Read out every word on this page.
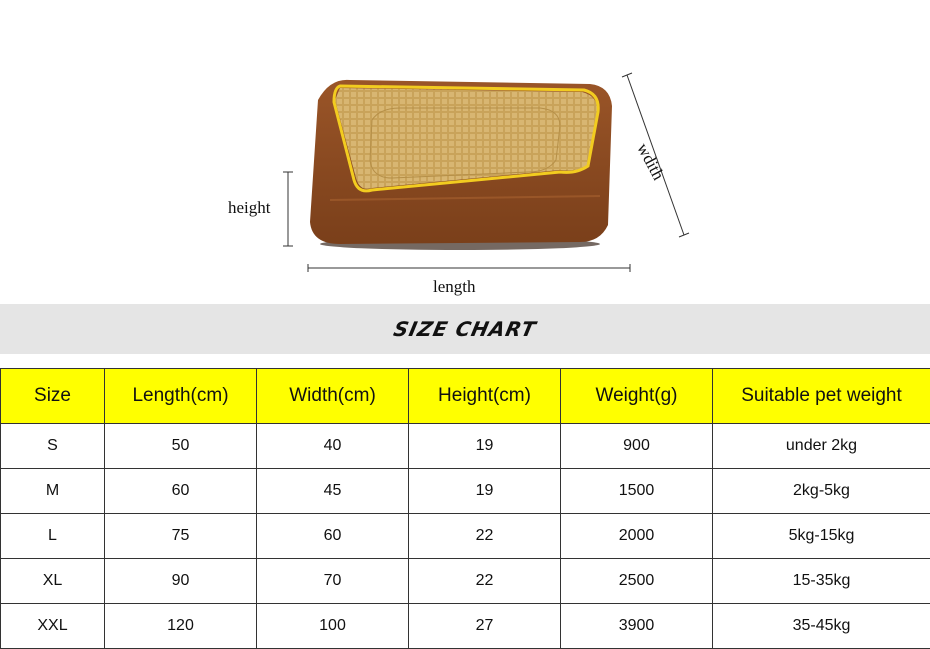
height
length
wdith
SIZE CHART
Size	Length(cm)	Width(cm)	Height(cm)	Weight(g)	Suitable pet weight
S	50	40	19	900	under 2kg
M	60	45	19	1500	2kg-5kg
L	75	60	22	2000	5kg-15kg
XL	90	70	22	2500	15-35kg
XXL	120	100	27	3900	35-45kg
